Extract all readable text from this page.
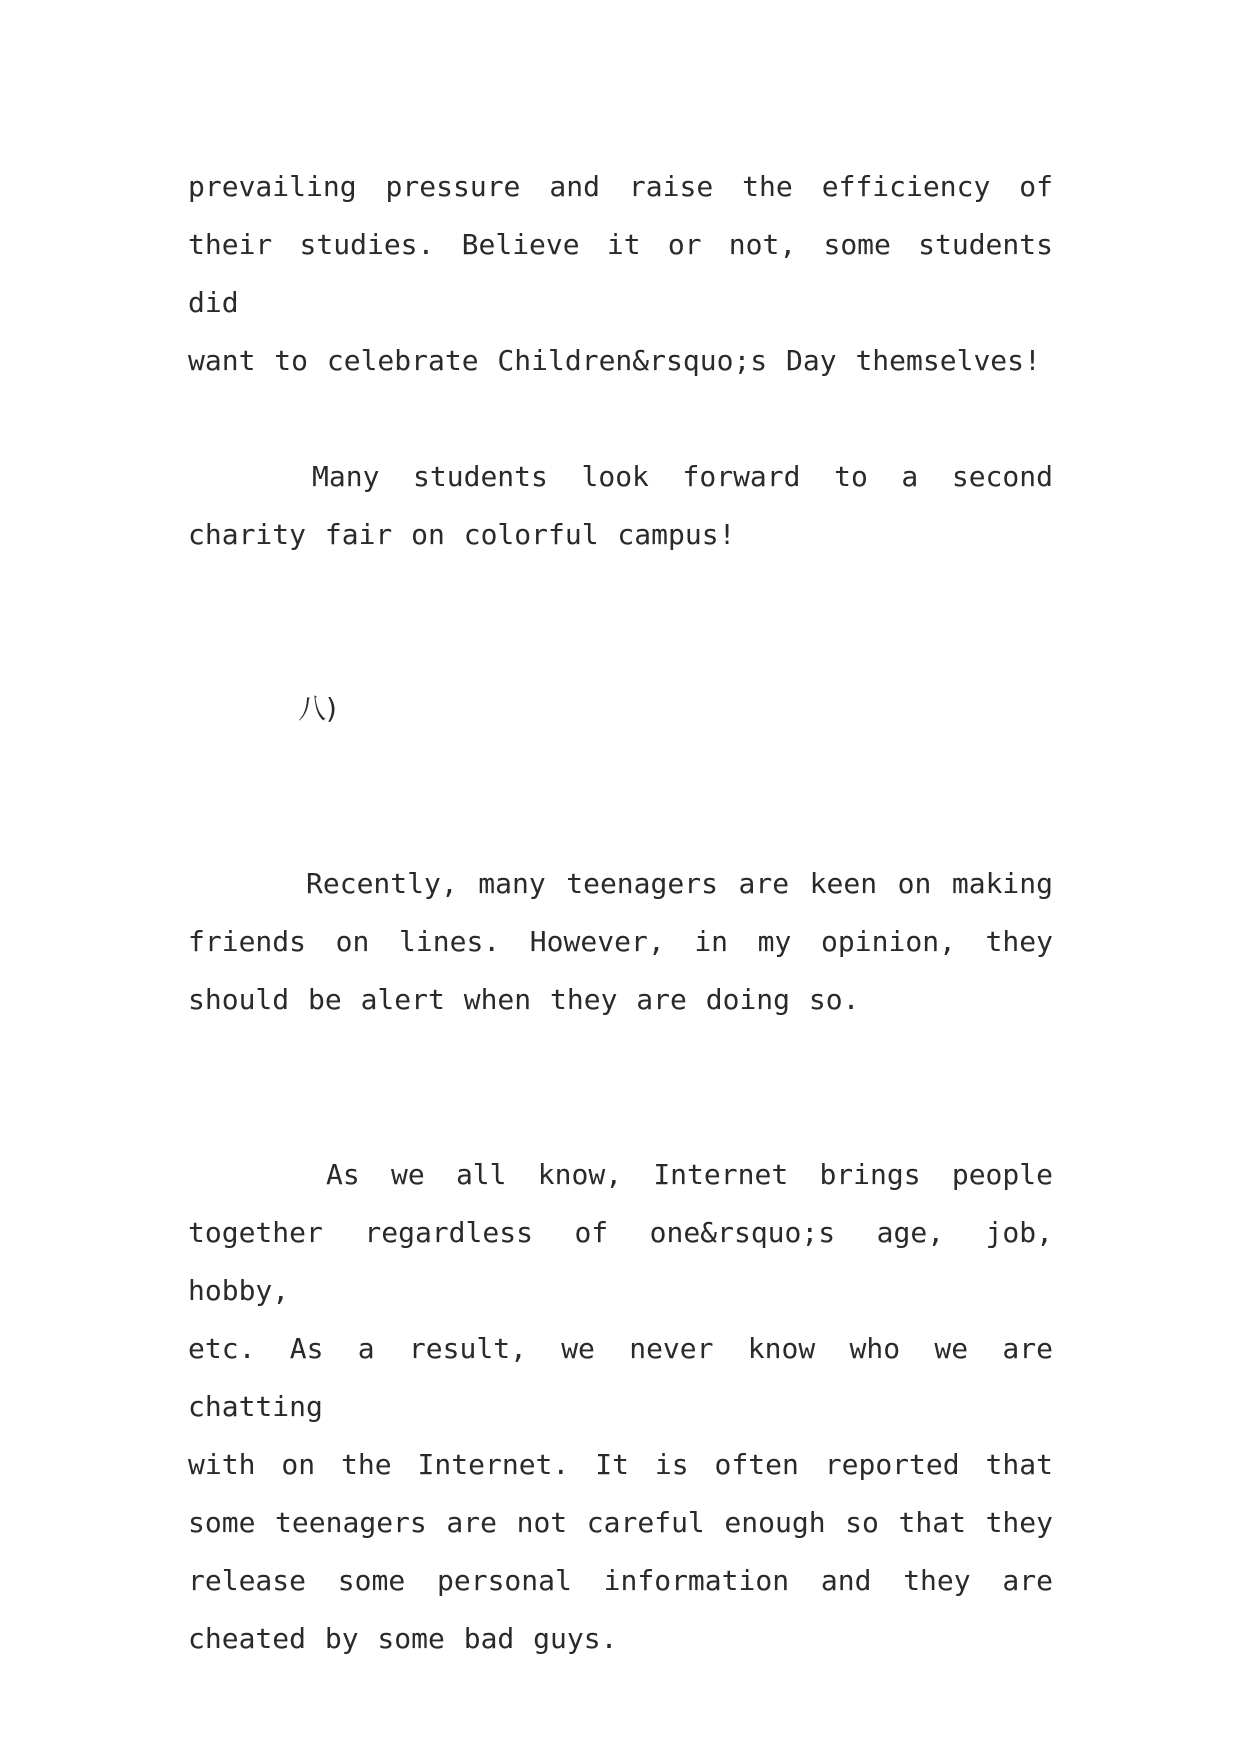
prevailing pressure and raise the efficiency of
their studies. Believe it or not, some students did
want to celebrate Children&rsquo;s Day themselves!

Many students look forward to a second
charity fair on colorful campus!

八)

Recently, many teenagers are keen on making
friends on lines. However, in my opinion, they
should be alert when they are doing so.

As we all know, Internet brings people
together regardless of one&rsquo;s age, job, hobby,
etc. As a result, we never know who we are chatting
with on the Internet. It is often reported that
some teenagers are not careful enough so that they
release some personal information and they are
cheated by some bad guys.
